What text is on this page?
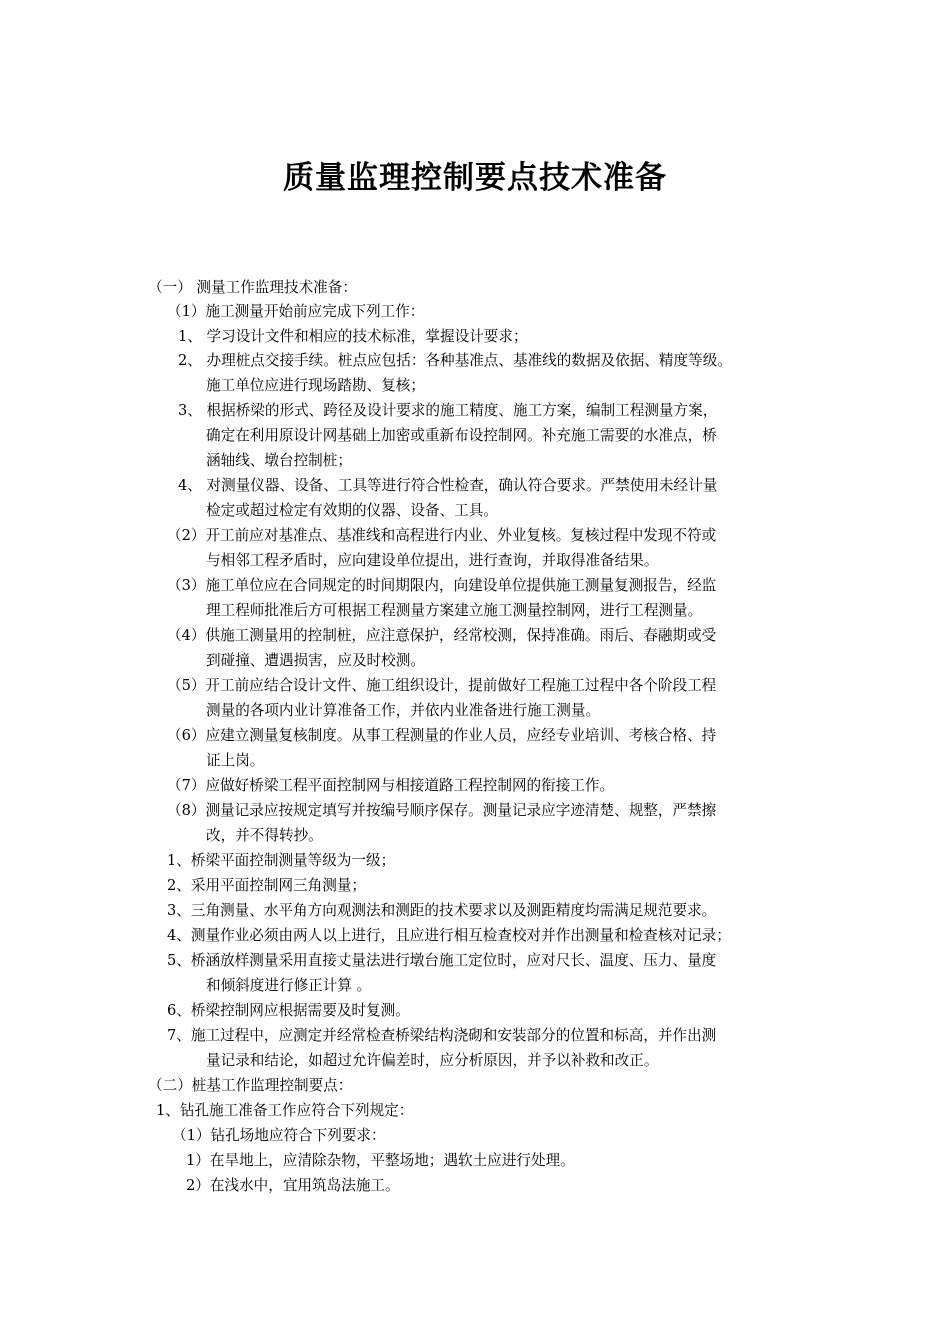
质量监理控制要点技术准备
（一） 测量工作监理技术准备：
（1）施工测量开始前应完成下列工作：
1、 学习设计文件和相应的技术标准，掌握设计要求；
2、 办理桩点交接手续。桩点应包括：各种基准点、基准线的数据及依据、精度等级。
施工单位应进行现场踏勘、复核；
3、 根据桥梁的形式、跨径及设计要求的施工精度、施工方案，编制工程测量方案，
确定在利用原设计网基础上加密或重新布设控制网。补充施工需要的水准点，桥
涵轴线、墩台控制桩；
4、 对测量仪器、设备、工具等进行符合性检查，确认符合要求。严禁使用未经计量
检定或超过检定有效期的仪器、设备、工具。
（2）开工前应对基准点、基准线和高程进行内业、外业复核。复核过程中发现不符或
与相邻工程矛盾时，应向建设单位提出，进行查询，并取得准备结果。
（3）施工单位应在合同规定的时间期限内，向建设单位提供施工测量复测报告，经监
理工程师批准后方可根据工程测量方案建立施工测量控制网，进行工程测量。
（4）供施工测量用的控制桩，应注意保护，经常校测，保持准确。雨后、春融期或受
到碰撞、遭遇损害，应及时校测。
（5）开工前应结合设计文件、施工组织设计，提前做好工程施工过程中各个阶段工程
测量的各项内业计算准备工作，并依内业准备进行施工测量。
（6）应建立测量复核制度。从事工程测量的作业人员，应经专业培训、考核合格、持
证上岗。
（7）应做好桥梁工程平面控制网与相接道路工程控制网的衔接工作。
（8）测量记录应按规定填写并按编号顺序保存。测量记录应字迹清楚、规整，严禁擦
改，并不得转抄。
1、桥梁平面控制测量等级为一级；
2、采用平面控制网三角测量；
3、三角测量、水平角方向观测法和测距的技术要求以及测距精度均需满足规范要求。
4、测量作业必须由两人以上进行，且应进行相互检查校对并作出测量和检查核对记录；
5、桥涵放样测量采用直接丈量法进行墩台施工定位时，应对尺长、温度、压力、量度
和倾斜度进行修正计算 。
6、桥梁控制网应根据需要及时复测。
7、施工过程中，应测定并经常检查桥梁结构浇砌和安装部分的位置和标高，并作出测
量记录和结论，如超过允许偏差时，应分析原因，并予以补救和改正。
（二）桩基工作监理控制要点：
1、钻孔施工准备工作应符合下列规定：
（1）钻孔场地应符合下列要求：
1）在旱地上，应清除杂物，平整场地；遇软土应进行处理。
2）在浅水中，宜用筑岛法施工。
